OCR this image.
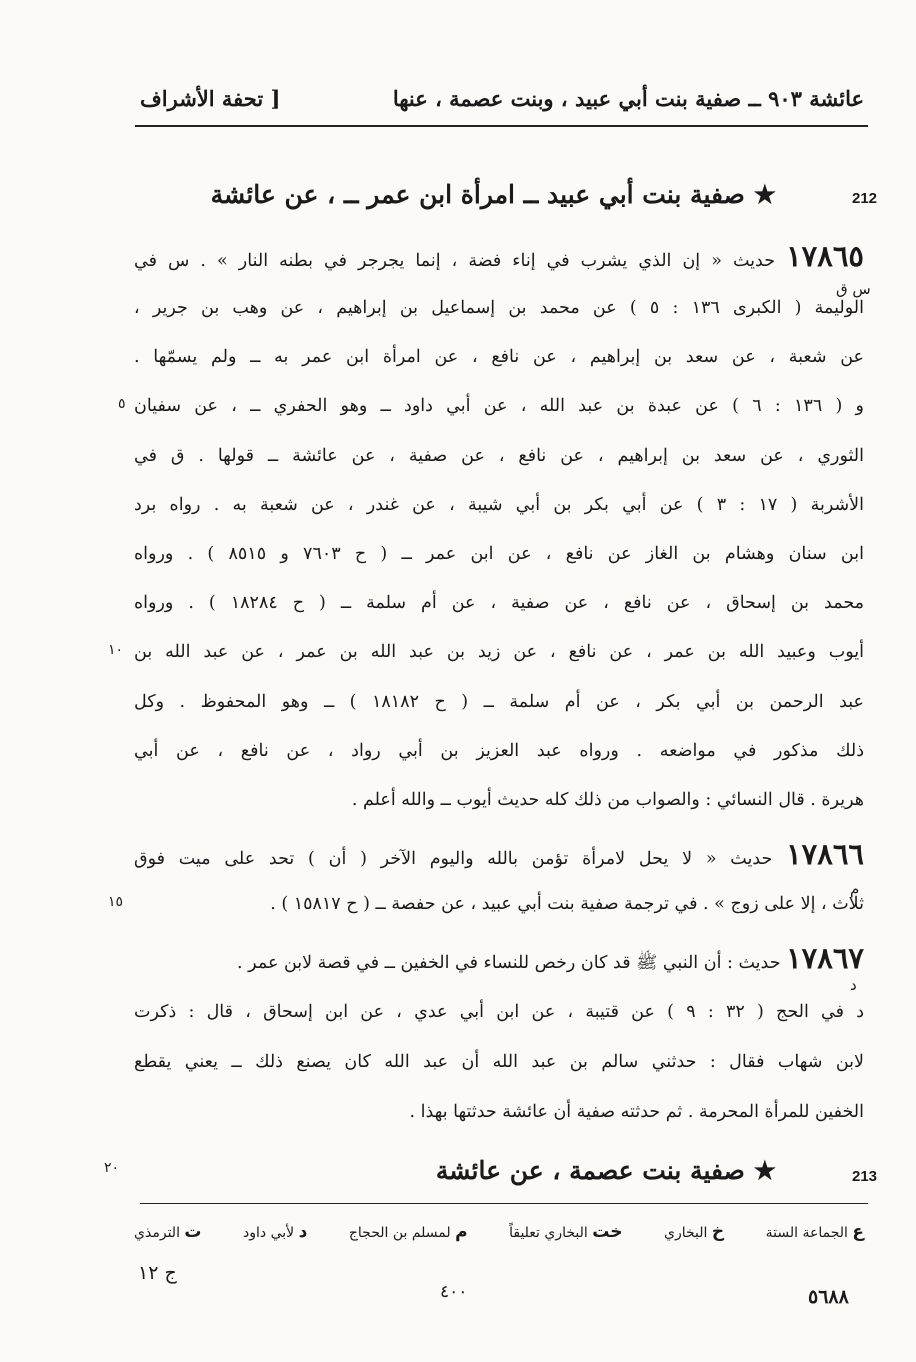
عائشة ٩٠٣ ــ صفية بنت أبي عبيد ، وبنت عصمة ، عنها
[ تحفة الأشراف
212
★ صفية بنت أبي عبيد ــ امرأة ابن عمر ــ ، عن عائشة
١٧٨٦٥ حديث « إن الذي يشرب في إناء فضة ، إنما يجرجر في بطنه النار » . س في
الوليمة ( الكبرى ١٣٦ : ٥ ) عن محمد بن إسماعيل بن إبراهيم ، عن وهب بن جرير ،
عن شعبة ، عن سعد بن إبراهيم ، عن نافع ، عن امرأة ابن عمر به ــ ولم يسمّها .
و ( ١٣٦ : ٦ ) عن عبدة بن عبد الله ، عن أبي داود ــ وهو الحفري ــ ، عن سفيان
الثوري ، عن سعد بن إبراهيم ، عن نافع ، عن صفية ، عن عائشة ــ قولها . ق في
الأشربة ( ١٧ : ٣ ) عن أبي بكر بن أبي شيبة ، عن غندر ، عن شعبة به . رواه برد
ابن سنان وهشام بن الغاز عن نافع ، عن ابن عمر ــ ( ح ٧٦٠٣ و ٨٥١٥ ) . ورواه
محمد بن إسحاق ، عن نافع ، عن صفية ، عن أم سلمة ــ ( ح ١٨٢٨٤ ) . ورواه
أيوب وعبيد الله بن عمر ، عن نافع ، عن زيد بن عبد الله بن عمر ، عن عبد الله بن
عبد الرحمن بن أبي بكر ، عن أم سلمة ــ ( ح ١٨١٨٢ ) ــ وهو المحفوظ . وكل
ذلك مذكور في مواضعه . ورواه عبد العزيز بن أبي رواد ، عن نافع ، عن أبي
هريرة . قال النسائي : والصواب من ذلك كله حديث أيوب ــ والله أعلم .
١٧٨٦٦ حديث « لا يحل لامرأة تؤمن بالله واليوم الآخر ( أن ) تحد على ميت فوق
ثلاث ، إلا على زوج » . في ترجمة صفية بنت أبي عبيد ، عن حفصة ــ ( ح ١٥٨١٧ ) .
١٧٨٦٧ حديث : أن النبي ﷺ قد كان رخص للنساء في الخفين ــ في قصة لابن عمر .
د في الحج ( ٣٢ : ٩ ) عن قتيبة ، عن ابن أبي عدي ، عن ابن إسحاق ، قال : ذكرت
لابن شهاب فقال : حدثني سالم بن عبد الله أن عبد الله كان يصنع ذلك ــ يعني يقطع
الخفين للمرأة المحرمة . ثم حدثته صفية أن عائشة حدثتها بهذا .
213
★ صفية بنت عصمة ، عن عائشة
س ق
م
د
٥
١٠
١٥
٢٠
ع الجماعة الستة
خ البخاري
خت البخاري تعليقاً
م لمسلم بن الحجاج
د لأبي داود
ت الترمذي
ج ١٢
٤٠٠	٥٦٨٨
